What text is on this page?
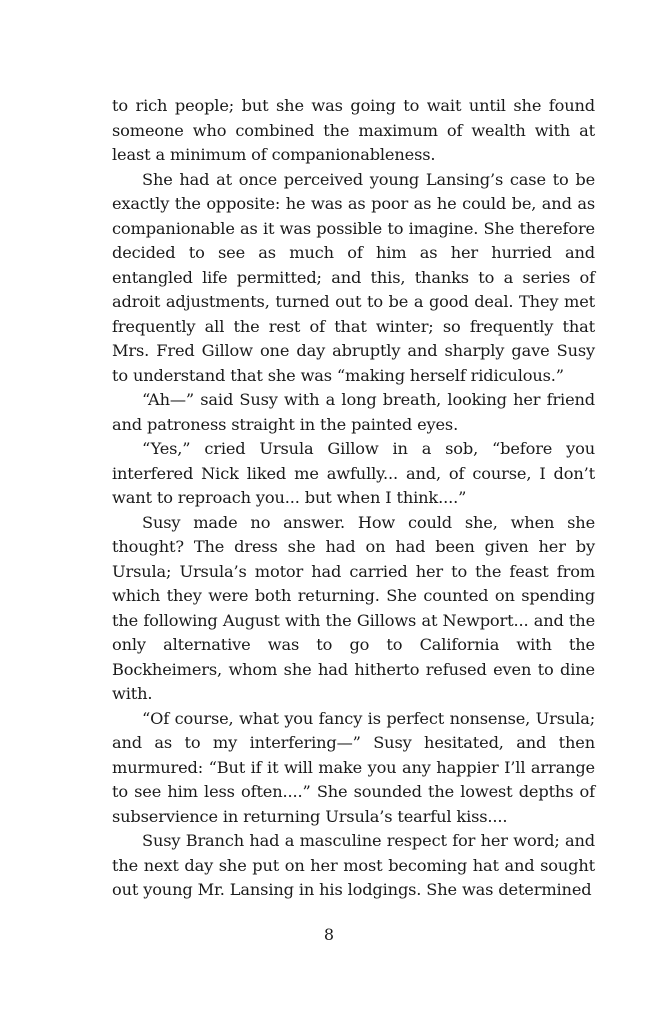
to rich people; but she was going to wait until she found someone who combined the maximum of wealth with at least a minimum of companionableness.

She had at once perceived young Lansing’s case to be exactly the opposite: he was as poor as he could be, and as companionable as it was possible to imagine. She therefore decided to see as much of him as her hurried and entangled life permitted; and this, thanks to a series of adroit adjustments, turned out to be a good deal. They met frequently all the rest of that winter; so frequently that Mrs. Fred Gillow one day abruptly and sharply gave Susy to understand that she was “making herself ridiculous.”

“Ah—” said Susy with a long breath, looking her friend and patroness straight in the painted eyes.

“Yes,” cried Ursula Gillow in a sob, “before you interfered Nick liked me awfully... and, of course, I don’t want to reproach you... but when I think....”

Susy made no answer. How could she, when she thought? The dress she had on had been given her by Ursula; Ursula’s motor had carried her to the feast from which they were both returning. She counted on spending the following August with the Gillows at Newport... and the only alternative was to go to California with the Bockheimers, whom she had hitherto refused even to dine with.

“Of course, what you fancy is perfect nonsense, Ursula; and as to my interfering—” Susy hesitated, and then murmured: “But if it will make you any happier I’ll arrange to see him less often....” She sounded the lowest depths of subservience in returning Ursula’s tearful kiss....

Susy Branch had a masculine respect for her word; and the next day she put on her most becoming hat and sought out young Mr. Lansing in his lodgings. She was determined

8
